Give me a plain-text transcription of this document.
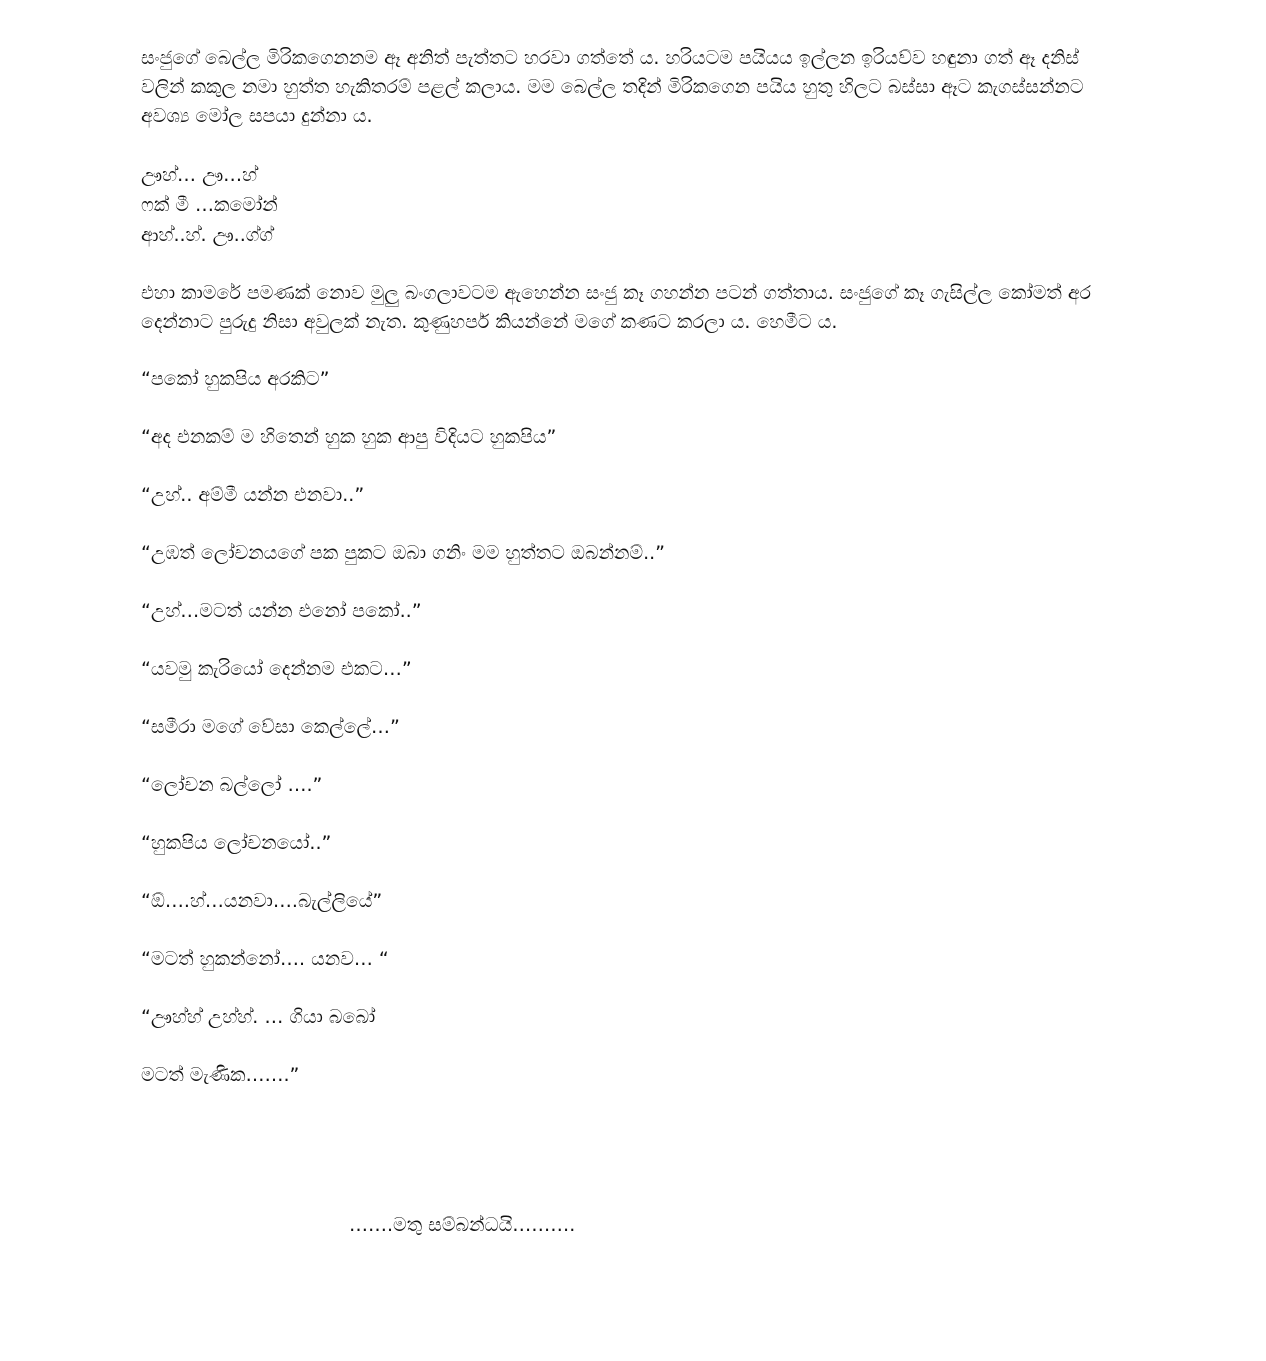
සංජුගේ බෙල්ල මිරිකගෙනනම ඈ අනිත් පැත්තට හරවා ගත්තේ ය. හරියටම පයියය ඉල්ලන ඉරියව්ව හඳුනා ගත් ඈ දනිස් වලින් කකුල නමා හුත්ත හැකිතරම් පළල් කලාය. මම බෙල්ල තදින් මිරිකගෙන පයිය හුතු හිලට බස්සා ඈට කැගස්සන්නට අවශ්‍ය මෝල සපයා දුන්නා ය.

ඌහ්… ඌ…හ්
ෆක් මී …කමෝන්
ආහ්..හ්. ඌ..ග්ග්

එහා කාමරේ පමණක් නොව මුලු බංගලාවටම ඇහෙන්න සංජු කෑ ගහන්න පටන් ගත්තාය. සංජුගේ කෑ ගැසිල්ල කෝමත් අර දෙන්නාට පුරුදු නිසා අවුලක් නැත. කුණුහර්ප කියන්නේ මගේ කණට කරලා ය. හෙමීට ය.

“පකෝ හුකපිය අරකිට”
“අද එනකම් ම හිතෙන් හුක හුක ආපු විදියට හුකපිය”
“උහ්.. අම්මී යන්න එනවා..”
“උඹත් ලෝචනයගේ පක පුකට ඔබා ගනිං මම හුත්තට ඔබන්නම්..”
“උහ්…මටත් යන්න එනෝ පකෝ..”
“යවමු කැරියෝ දෙන්නම එකට…”
“සමීරා මගේ වේසා කෙල්ලේ…”
“ලෝචන බල්ලෝ ….”
“හුකපිය ලෝචනයෝ..”
“ඕ….හ්…යනවා….බැල්ලියේ”
“මටත් හුකන්නෝ…. යනව… “
“ඌහ්හ් උහ්හ්. … ගියා බබෝ
මටත් මැණික…….”
…….මතු සම්බන්ධයි……….
